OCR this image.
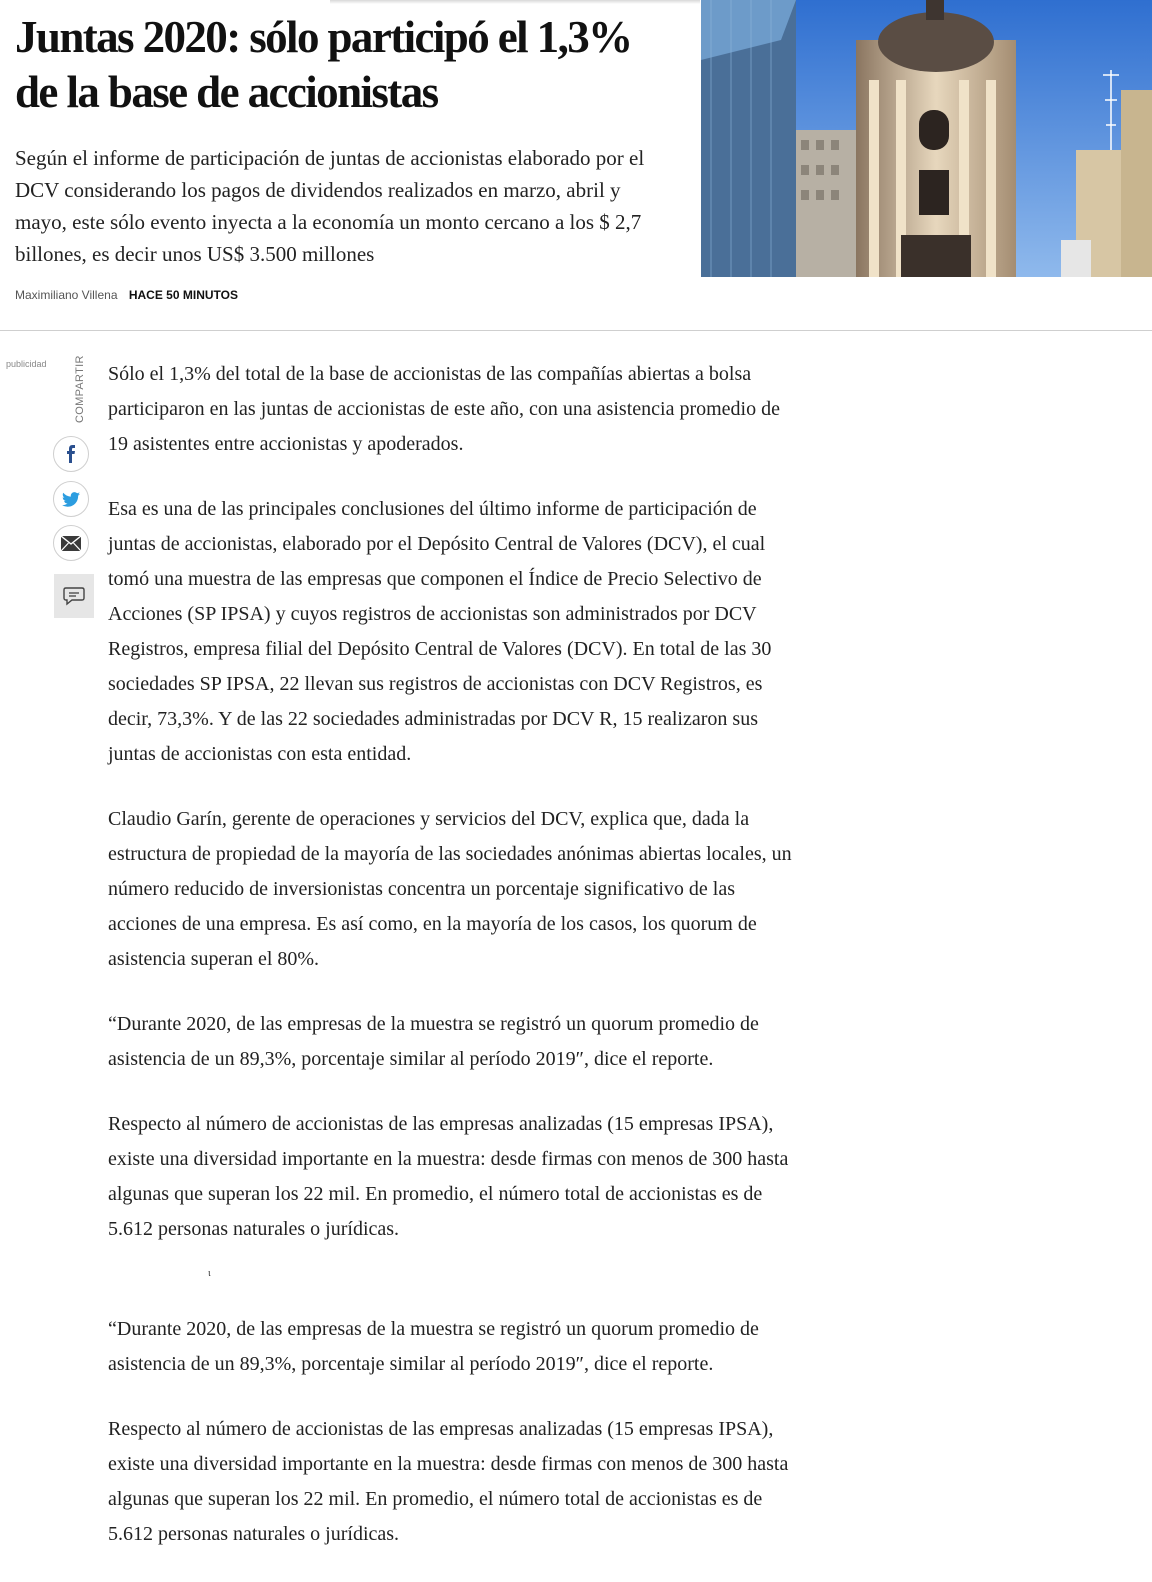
Juntas 2020: sólo participó el 1,3% de la base de accionistas

Según el informe de participación de juntas de accionistas elaborado por el DCV considerando los pagos de dividendos realizados en marzo, abril y mayo, este sólo evento inyecta a la economía un monto cercano a los $ 2,7 billones, es decir unos US$ 3.500 millones

Maximiliano Villena HACE 50 MINUTOS
publicidad COMPARTIR Sólo el 1,3% del total de la base de accionistas de las compañías abiertas a bolsa participaron en las juntas de accionistas de este año, con una asistencia promedio de 19 asistentes entre accionistas y apoderados.

Esa es una de las principales conclusiones del último informe de participación de juntas de accionistas, elaborado por el Depósito Central de Valores (DCV), el cual tomó una muestra de las empresas que componen el Índice de Precio Selectivo de Acciones (SP IPSA) y cuyos registros de accionistas son administrados por DCV Registros, empresa filial del Depósito Central de Valores (DCV). En total de las 30 sociedades SP IPSA, 22 llevan sus registros de accionistas con DCV Registros, es decir, 73,3%. Y de las 22 sociedades administradas por DCV R, 15 realizaron sus juntas de accionistas con esta entidad.

Claudio Garín, gerente de operaciones y servicios del DCV, explica que, dada la estructura de propiedad de la mayoría de las sociedades anónimas abiertas locales, un número reducido de inversionistas concentra un porcentaje significativo de las acciones de una empresa. Es así como, en la mayoría de los casos, los quorum de asistencia superan el 80%.

“Durante 2020, de las empresas de la muestra se registró un quorum promedio de asistencia de un 89,3%, porcentaje similar al período 2019″, dice el reporte.

Respecto al número de accionistas de las empresas analizadas (15 empresas IPSA), existe una diversidad importante en la muestra: desde firmas con menos de 300 hasta algunas que superan los 22 mil. En promedio, el número total de accionistas es de 5.612 personas naturales o jurídicas.

ι

“Durante 2020, de las empresas de la muestra se registró un quorum promedio de asistencia de un 89,3%, porcentaje similar al período 2019″, dice el reporte.

Respecto al número de accionistas de las empresas analizadas (15 empresas IPSA), existe una diversidad importante en la muestra: desde firmas con menos de 300 hasta algunas que superan los 22 mil. En promedio, el número total de accionistas es de 5.612 personas naturales o jurídicas.
